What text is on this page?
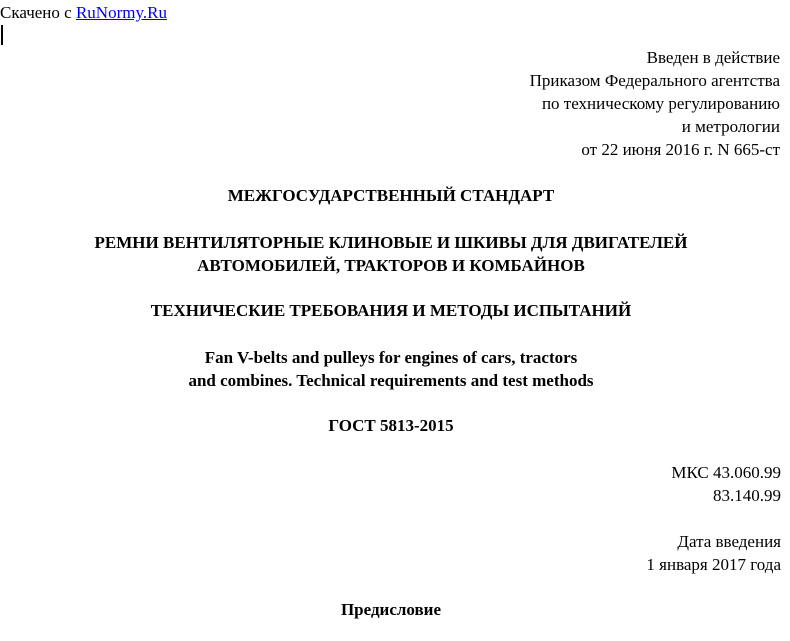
Скачено с RuNormy.Ru
Введен в действие
Приказом Федерального агентства
по техническому регулированию
и метрологии
от 22 июня 2016 г. N 665-ст
МЕЖГОСУДАРСТВЕННЫЙ СТАНДАРТ
РЕМНИ ВЕНТИЛЯТОРНЫЕ КЛИНОВЫЕ И ШКИВЫ ДЛЯ ДВИГАТЕЛЕЙ
АВТОМОБИЛЕЙ, ТРАКТОРОВ И КОМБАЙНОВ
ТЕХНИЧЕСКИЕ ТРЕБОВАНИЯ И МЕТОДЫ ИСПЫТАНИЙ
Fan V-belts and pulleys for engines of cars, tractors
and combines. Technical requirements and test methods
ГОСТ 5813-2015
МКС 43.060.99
83.140.99
Дата введения
1 января 2017 года
Предисловие
